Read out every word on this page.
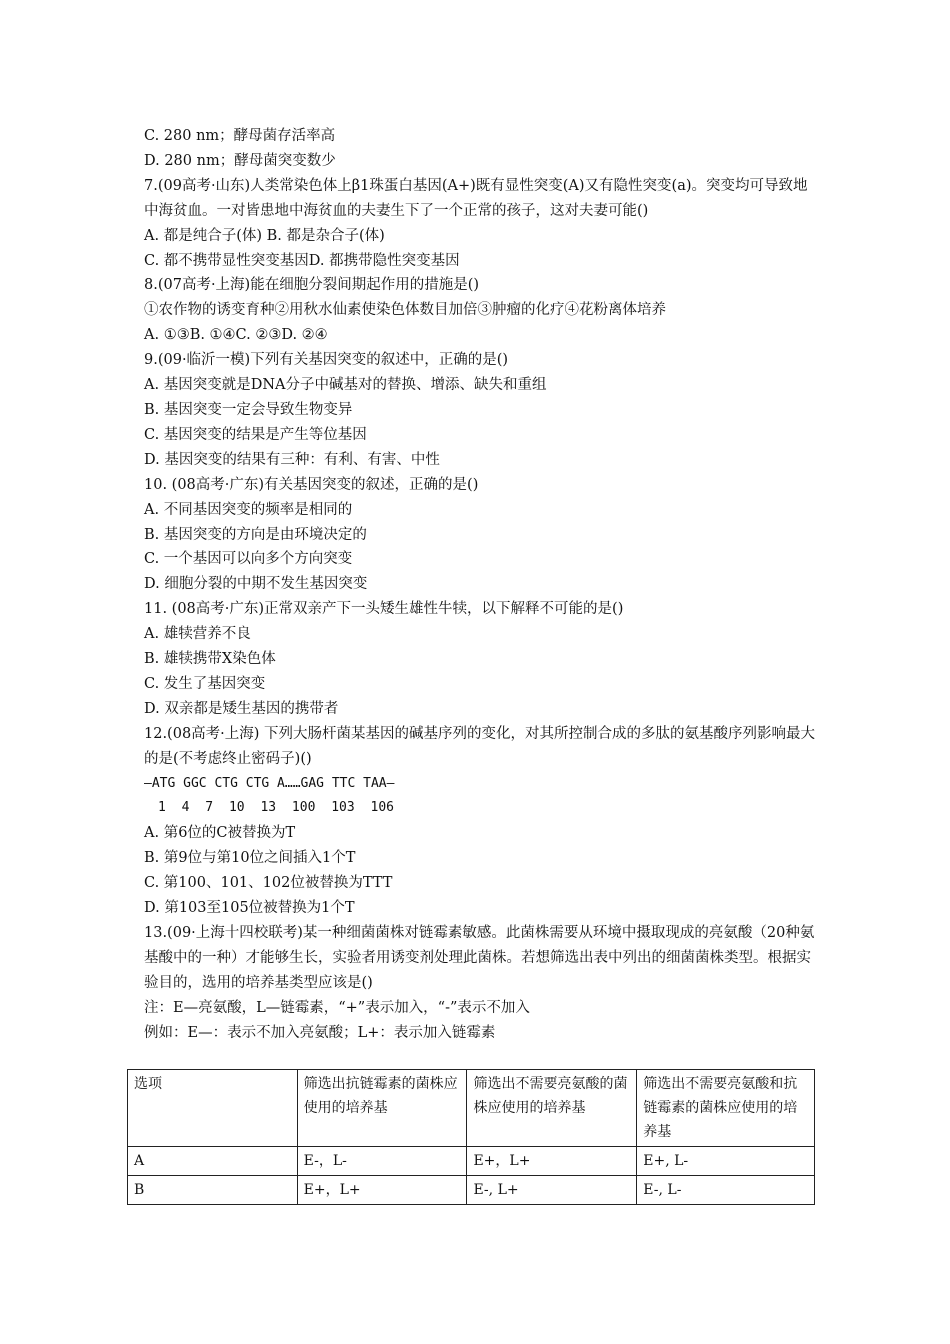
C. 280 nm；酵母菌存活率高
D. 280 nm；酵母菌突变数少
7.(09高考·山东)人类常染色体上β1珠蛋白基因(A+)既有显性突变(A)又有隐性突变(a)。突变均可导致地中海贫血。一对皆患地中海贫血的夫妻生下了一个正常的孩子，这对夫妻可能()
A. 都是纯合子(体) B. 都是杂合子(体)
C. 都不携带显性突变基因D. 都携带隐性突变基因
8.(07高考·上海)能在细胞分裂间期起作用的措施是()
①农作物的诱变育种②用秋水仙素使染色体数目加倍③肿瘤的化疗④花粉离体培养
A. ①③B. ①④C. ②③D. ②④
9.(09·临沂一模)下列有关基因突变的叙述中，正确的是()
A. 基因突变就是DNA分子中碱基对的替换、增添、缺失和重组
B. 基因突变一定会导致生物变异
C. 基因突变的结果是产生等位基因
D. 基因突变的结果有三种：有利、有害、中性
10. (08高考·广东)有关基因突变的叙述，正确的是()
A. 不同基因突变的频率是相同的
B. 基因突变的方向是由环境决定的
C. 一个基因可以向多个方向突变
D. 细胞分裂的中期不发生基因突变
11. (08高考·广东)正常双亲产下一头矮生雄性牛犊，以下解释不可能的是()
A. 雄犊营养不良
B. 雄犊携带X染色体
C. 发生了基因突变
D. 双亲都是矮生基因的携带者
12.(08高考·上海) 下列大肠杆菌某基因的碱基序列的变化，对其所控制合成的多肽的氨基酸序列影响最大的是(不考虑终止密码子)()
—ATG GGC CTG CTG A……GAG TTC TAA—
1 4 7 10 13 100 103 106
A. 第6位的C被替换为T
B. 第9位与第10位之间插入1个T
C. 第100、101、102位被替换为TTT
D. 第103至105位被替换为1个T
13.(09·上海十四校联考)某一种细菌菌株对链霉素敏感。此菌株需要从环境中摄取现成的亮氨酸（20种氨基酸中的一种）才能够生长，实验者用诱变剂处理此菌株。若想筛选出表中列出的细菌菌株类型。根据实验目的，选用的培养基类型应该是()
注：E—亮氨酸，L—链霉素，“+”表示加入，“-”表示不加入
例如：E—：表示不加入亮氨酸；L+：表示加入链霉素
选项	筛选出抗链霉素的菌株应使用的培养基	筛选出不需要亮氨酸的菌株应使用的培养基	筛选出不需要亮氨酸和抗链霉素的菌株应使用的培养基
A	E-，L-	E+，L+	E+, L-
B	E+，L+	E-, L+	E-, L-
